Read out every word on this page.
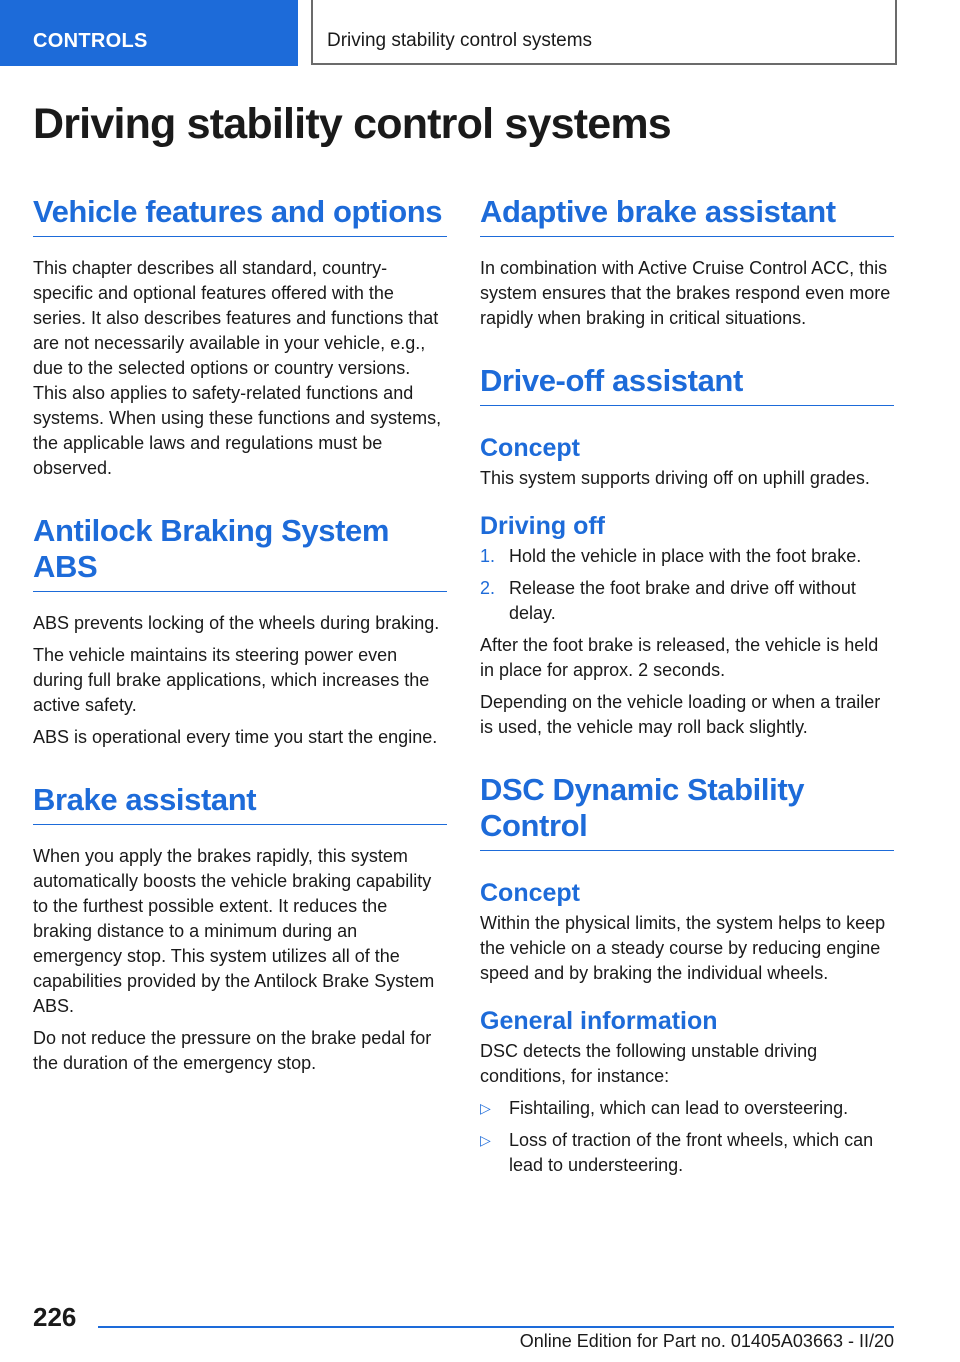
CONTROLS	Driving stability control systems
Driving stability control systems
Vehicle features and options

This chapter describes all standard, country-specific and optional features offered with the series. It also describes features and functions that are not necessarily available in your vehicle, e.g., due to the selected options or country versions. This also applies to safety-related functions and systems. When using these functions and systems, the applicable laws and regulations must be observed.

Antilock Braking System ABS

ABS prevents locking of the wheels during braking.

The vehicle maintains its steering power even during full brake applications, which increases the active safety.

ABS is operational every time you start the engine.

Brake assistant

When you apply the brakes rapidly, this system automatically boosts the vehicle braking capability to the furthest possible extent. It reduces the braking distance to a minimum during an emergency stop. This system utilizes all of the capabilities provided by the Antilock Brake System ABS.

Do not reduce the pressure on the brake pedal for the duration of the emergency stop.

Adaptive brake assistant

In combination with Active Cruise Control ACC, this system ensures that the brakes respond even more rapidly when braking in critical situations.

Drive-off assistant
Concept

This system supports driving off on uphill grades.

Driving off
1. Hold the vehicle in place with the foot brake.
2. Release the foot brake and drive off without delay.

After the foot brake is released, the vehicle is held in place for approx. 2 seconds.

Depending on the vehicle loading or when a trailer is used, the vehicle may roll back slightly.

DSC Dynamic Stability Control
Concept

Within the physical limits, the system helps to keep the vehicle on a steady course by reducing engine speed and by braking the individual wheels.

General information

DSC detects the following unstable driving conditions, for instance:

▷ Fishtailing, which can lead to oversteering.
▷ Loss of traction of the front wheels, which can lead to understeering.
226
Online Edition for Part no. 01405A03663 - II/20
